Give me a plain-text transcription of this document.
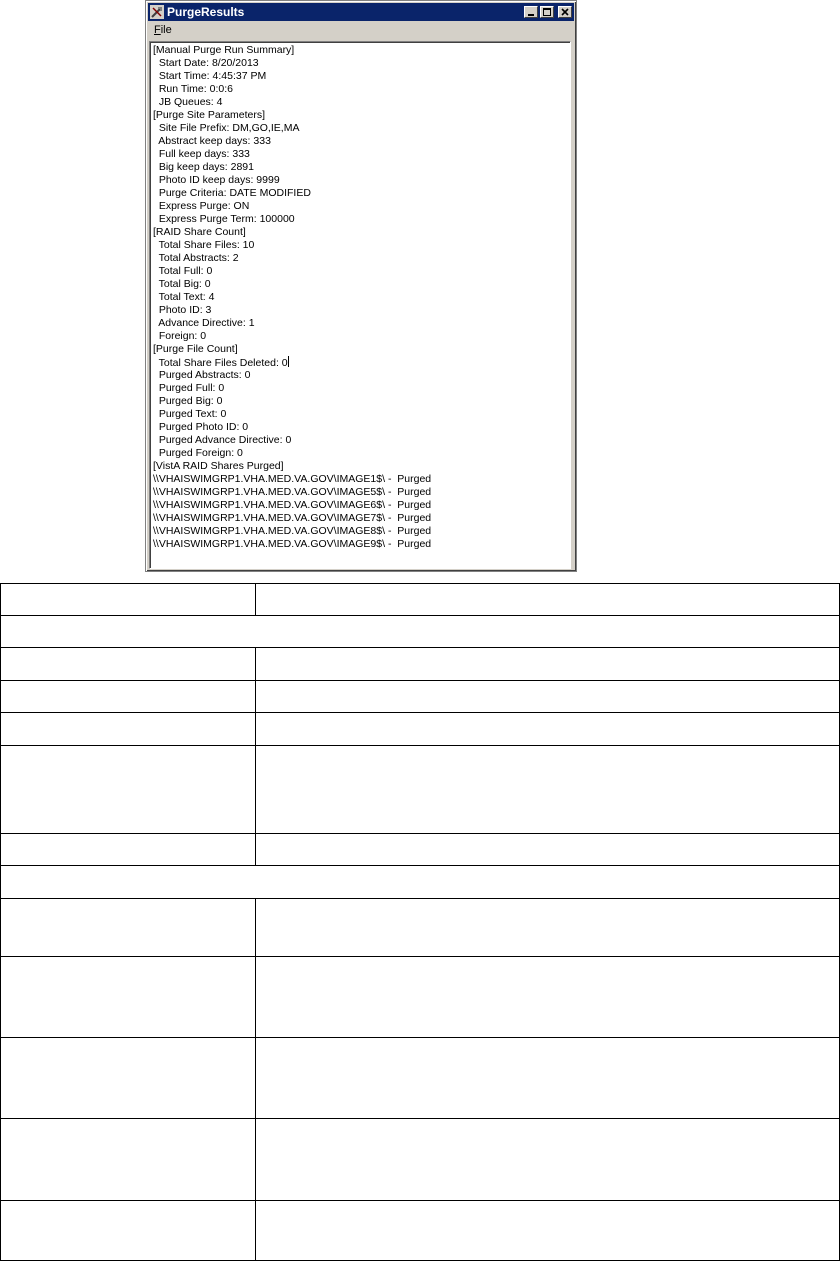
PurgeResults
File
[Manual Purge Run Summary]
Start Date: 8/20/2013
Start Time: 4:45:37 PM
Run Time: 0:0:6
JB Queues: 4
[Purge Site Parameters]
Site File Prefix: DM,GO,IE,MA
Abstract keep days: 333
Full keep days: 333
Big keep days: 2891
Photo ID keep days: 9999
Purge Criteria: DATE MODIFIED
Express Purge: ON
Express Purge Term: 100000
[RAID Share Count]
Total Share Files: 10
Total Abstracts: 2
Total Full: 0
Total Big: 0
Total Text: 4
Photo ID: 3
Advance Directive: 1
Foreign: 0
[Purge File Count]
Total Share Files Deleted: 0
Purged Abstracts: 0
Purged Full: 0
Purged Big: 0
Purged Text: 0
Purged Photo ID: 0
Purged Advance Directive: 0
Purged Foreign: 0
[VistA RAID Shares Purged]
\\VHAISWIMGRP1.VHA.MED.VA.GOV\IMAGE1$\ -  Purged
\\VHAISWIMGRP1.VHA.MED.VA.GOV\IMAGE5$\ -  Purged
\\VHAISWIMGRP1.VHA.MED.VA.GOV\IMAGE6$\ -  Purged
\\VHAISWIMGRP1.VHA.MED.VA.GOV\IMAGE7$\ -  Purged
\\VHAISWIMGRP1.VHA.MED.VA.GOV\IMAGE8$\ -  Purged
\\VHAISWIMGRP1.VHA.MED.VA.GOV\IMAGE9$\ -  Purged
